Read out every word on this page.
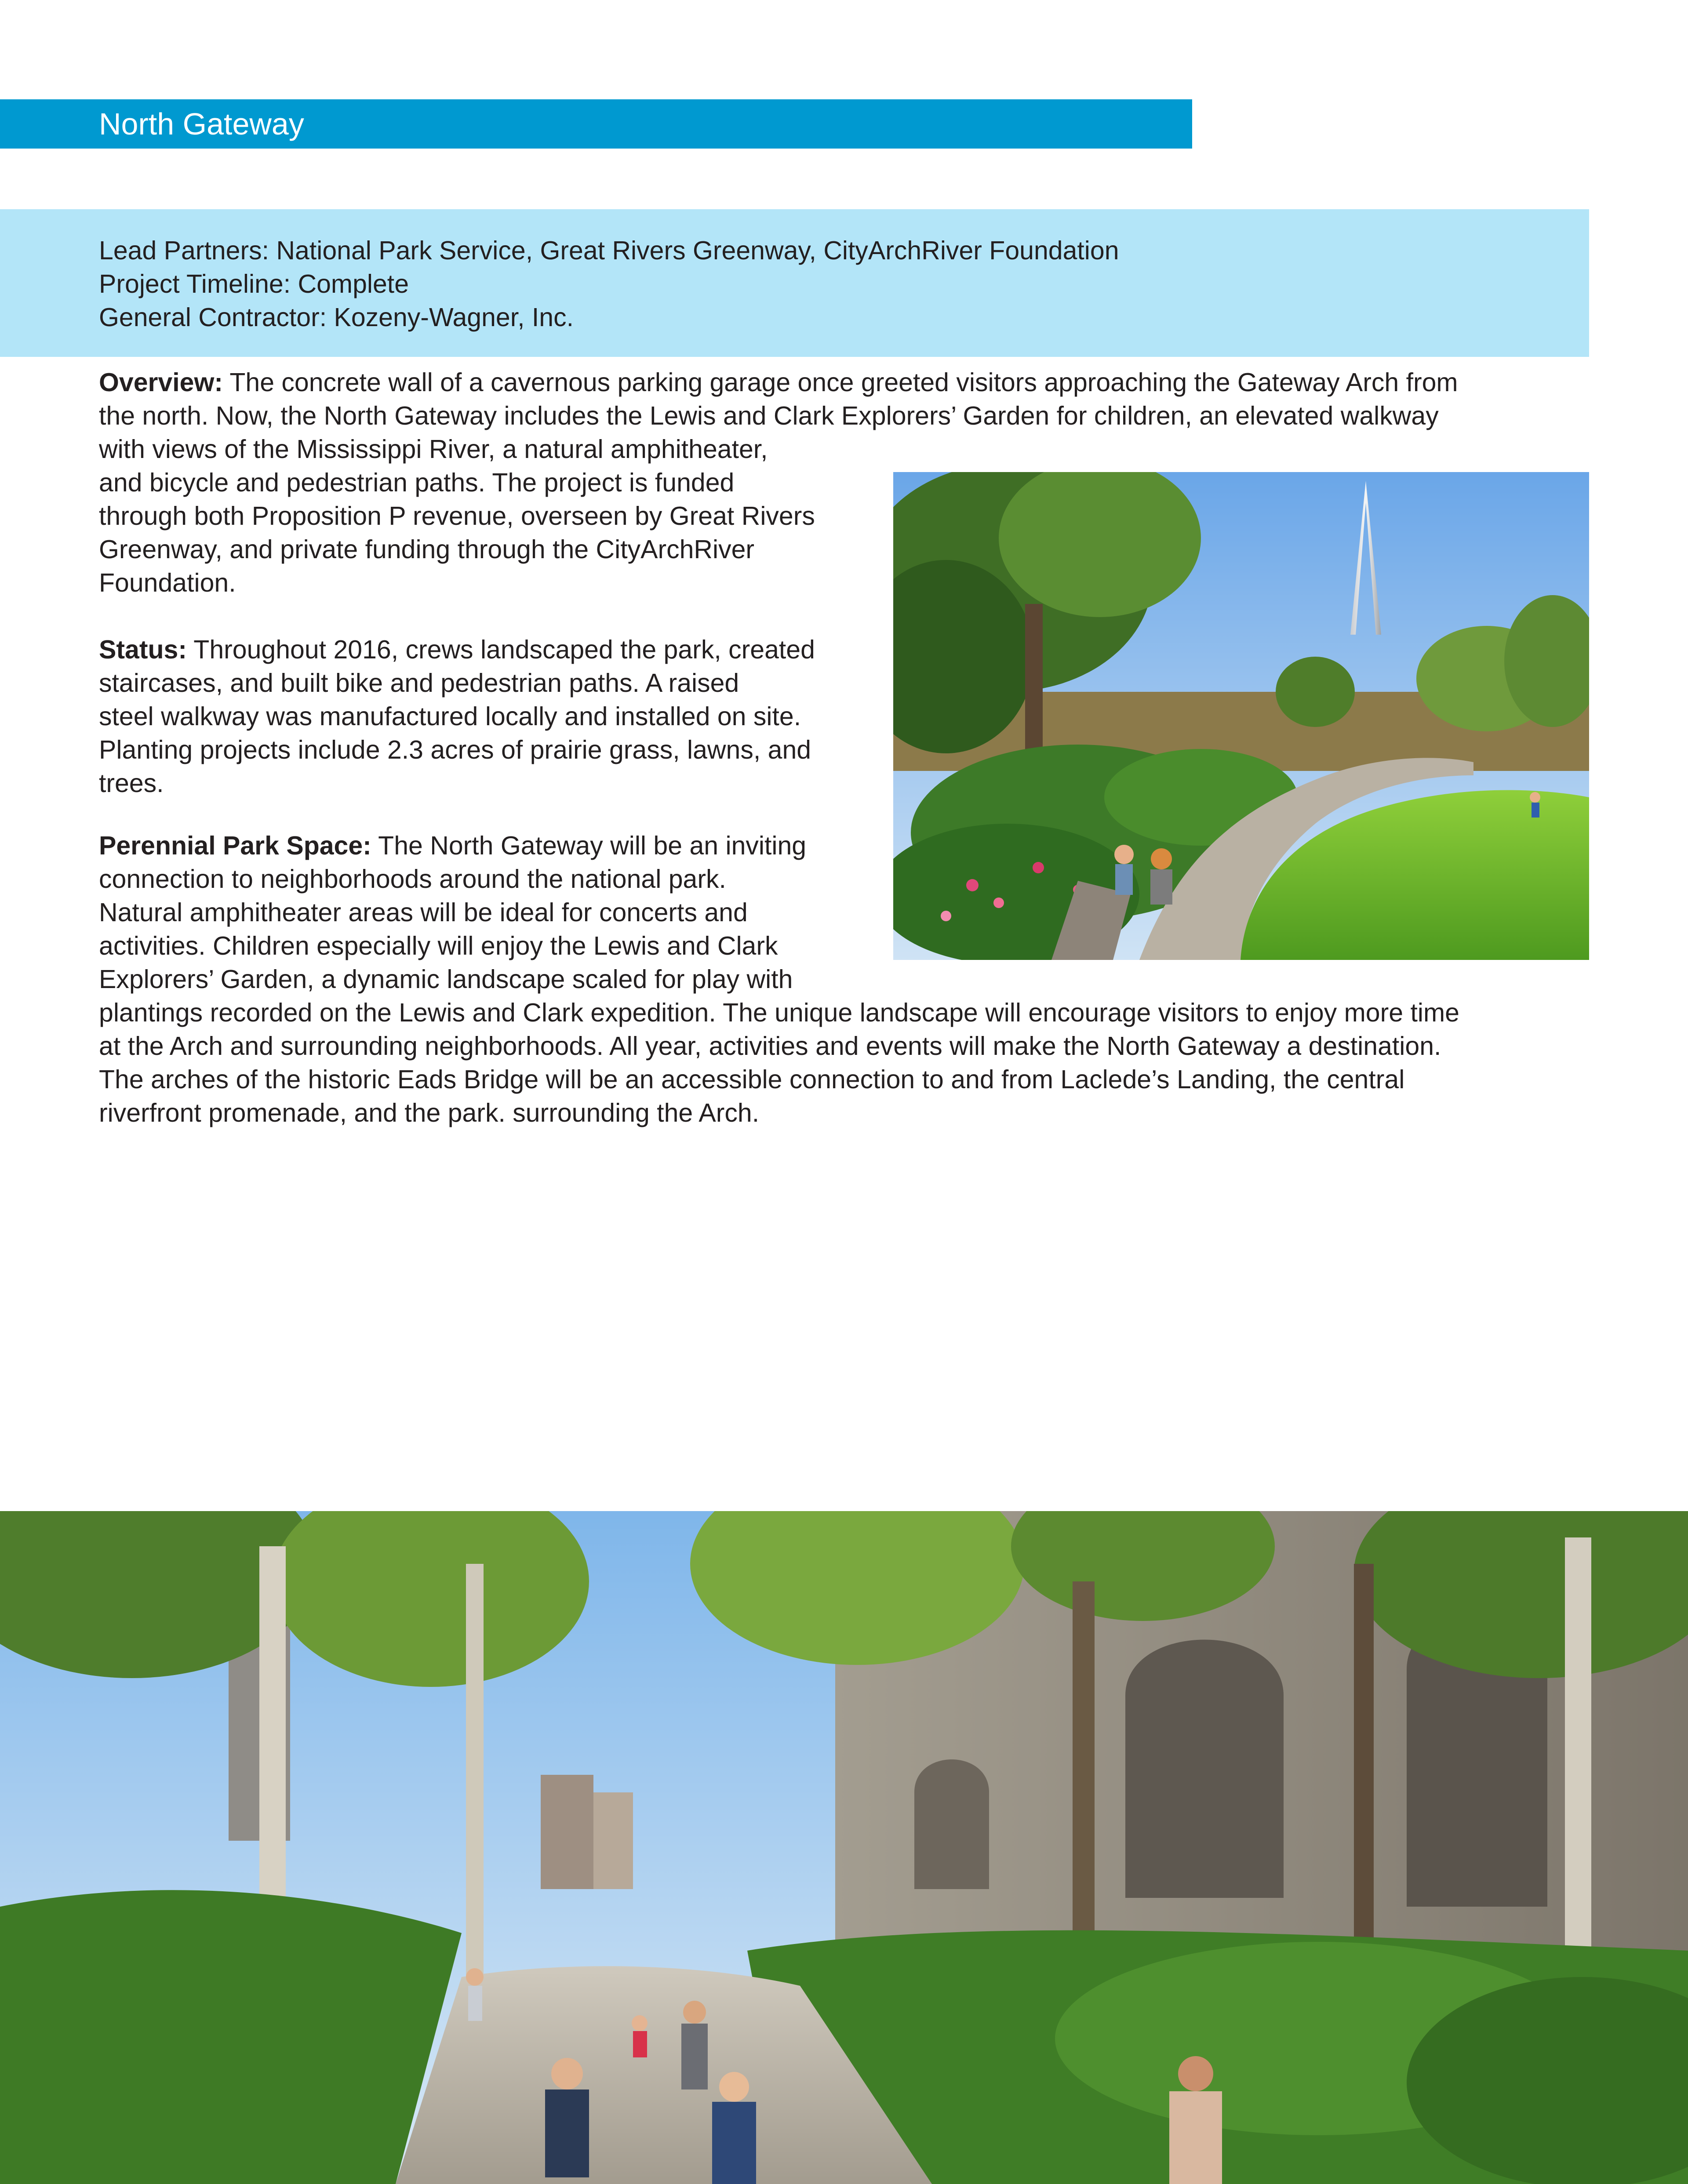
North Gateway
Lead Partners: National Park Service, Great Rivers Greenway, CityArchRiver Foundation
Project Timeline: Complete
General Contractor: Kozeny-Wagner, Inc.
Overview: The concrete wall of a cavernous parking garage once greeted visitors approaching the Gateway Arch from
the north. Now, the North Gateway includes the Lewis and Clark Explorers’ Garden for children, an elevated walkway
with views of the Mississippi River, a natural amphitheater,
and bicycle and pedestrian paths. The project is funded
through both Proposition P revenue, overseen by Great Rivers
Greenway, and private funding through the CityArchRiver
Foundation.
Status: Throughout 2016, crews landscaped the park, created
staircases, and built bike and pedestrian paths. A raised
steel walkway was manufactured locally and installed on site.
Planting projects include 2.3 acres of prairie grass, lawns, and
trees.
Perennial Park Space: The North Gateway will be an inviting
connection to neighborhoods around the national park.
Natural amphitheater areas will be ideal for concerts and
activities. Children especially will enjoy the Lewis and Clark
Explorers’ Garden, a dynamic landscape scaled for play with
plantings recorded on the Lewis and Clark expedition. The unique landscape will encourage visitors to enjoy more time
at the Arch and surrounding neighborhoods. All year, activities and events will make the North Gateway a destination.
The arches of the historic Eads Bridge will be an accessible connection to and from Laclede’s Landing, the central
riverfront promenade, and the park. surrounding the Arch.
